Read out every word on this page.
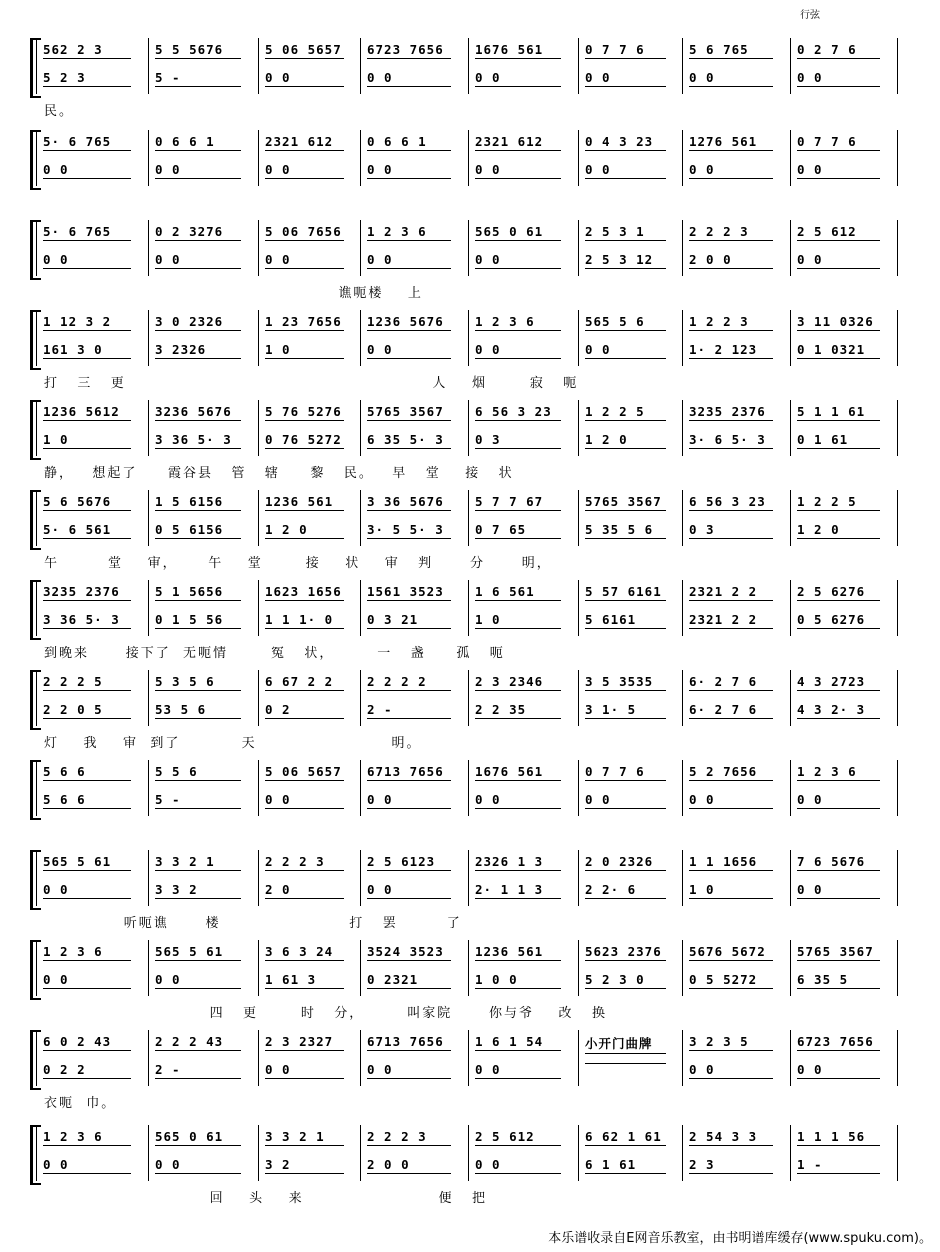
562 2 3
5 2 3
5 5 5676
5 -
5 06 5657
0 0
6723 7656
0 0
1676 561
0 0
0 7 7 6
0 0
5 6 765
0 0
0 2 7 6
0 0
民。
5· 6 765
0 0
0 6 6 1
0 0
2321 612
0 0
0 6 6 1
0 0
2321 612
0 0
0 4 3 23
0 0
1276 561
0 0
0 7 7 6
0 0
5· 6 765
0 0
0 2 3276
0 0
5 06 7656
0 0
1 2 3 6
0 0
565 0 61
0 0
2 5 3 1
2 5 3 12
2 2 2 3
2 0 0
2 5 612
0 0
谯呃楼    上
1 12 3 2
161 3 0
3 0 2326
3 2326
1 23 7656
1 0
1236 5676
0 0
1 2 3 6
0 0
565 5 6
0 0
1 2 2 3
1· 2 123
3 11 0326
0 1 0321
打   三   更                                                  人    烟       寂   呃
1236 5612
1 0
3236 5676
3 36 5· 3
5 76 5276
0 76 5272
5765 3567
6 35 5· 3
6 56 3 23
0 3
1 2 2 5
1 2 0
3235 2376
3· 6 5· 3
5 1 1 61
0 1 61
静，   想起了     霞谷县   管   辖     黎   民。   早   堂    接   状
5 6 5676
5· 6 561
1 5 6156
0 5 6156
1236 561
1 2 0
3 36 5676
3· 5 5· 3
5 7 7 67
0 7 65
5765 3567
5 35 5 6
6 56 3 23
0 3
1 2 2 5
1 2 0
午        堂    审，     午    堂       接    状    审   判      分      明，
3235 2376
3 36 5· 3
5 1 5656
0 1 5 56
1623 1656
1 1 1· 0
1561 3523
0 3 21
1 6 561
1 0
5 57 6161
5 6161
2321 2 2
2321 2 2
2 5 6276
0 5 6276
到晚来      接下了  无呃情       冤   状，       一   盏     孤   呃
2 2 2 5
2 2 0 5
5 3 5 6
53 5 6
6 67 2 2
0 2
2 2 2 2
2 -
2 3 2346
2 2 35
3 5 3535
3 1· 5
6· 2 7 6
6· 2 7 6
4 3 2723
4 3 2· 3
灯    我    审  到了          天                      明。
5 6 6
5 6 6
5 5 6
5 -
5 06 5657
0 0
6713 7656
0 0
1676 561
0 0
0 7 7 6
0 0
5 2 7656
0 0
1 2 3 6
0 0
565 5 61
0 0
3 3 2 1
3 3 2
2 2 2 3
2 0
2 5 6123
0 0
2326 1 3
2· 1 1 3
2 0 2326
2 2· 6
1 1 1656
1 0
7 6 5676
0 0
听呃谯      楼                     打   罢        了
1 2 3 6
0 0
565 5 61
0 0
3 6 3 24
1 61 3
3524 3523
0 2321
1236 561
1 0 0
5623 2376
5 2 3 0
5676 5672
0 5 5272
5765 3567
6 35 5
四   更       时   分，       叫家院      你与爷    改   换
6 0 2 43
0 2 2
2 2 2 43
2 -
2 3 2327
0 0
6713 7656
0 0
1 6 1 54
0 0
小开门曲牌	3 2 3 5
0 0
6723 7656
0 0
衣呃  巾。
1 2 3 6
0 0
565 0 61
0 0
3 3 2 1
3 2
2 2 2 3
2 0 0
2 5 612
0 0
6 62 1 61
6 1 61
2 54 3 3
2 3
1 1 1 56
1 -
回    头    来                      便   把
行弦
本乐谱收录自E网音乐教室，由书明谱库缓存(www.spuku.com)。
